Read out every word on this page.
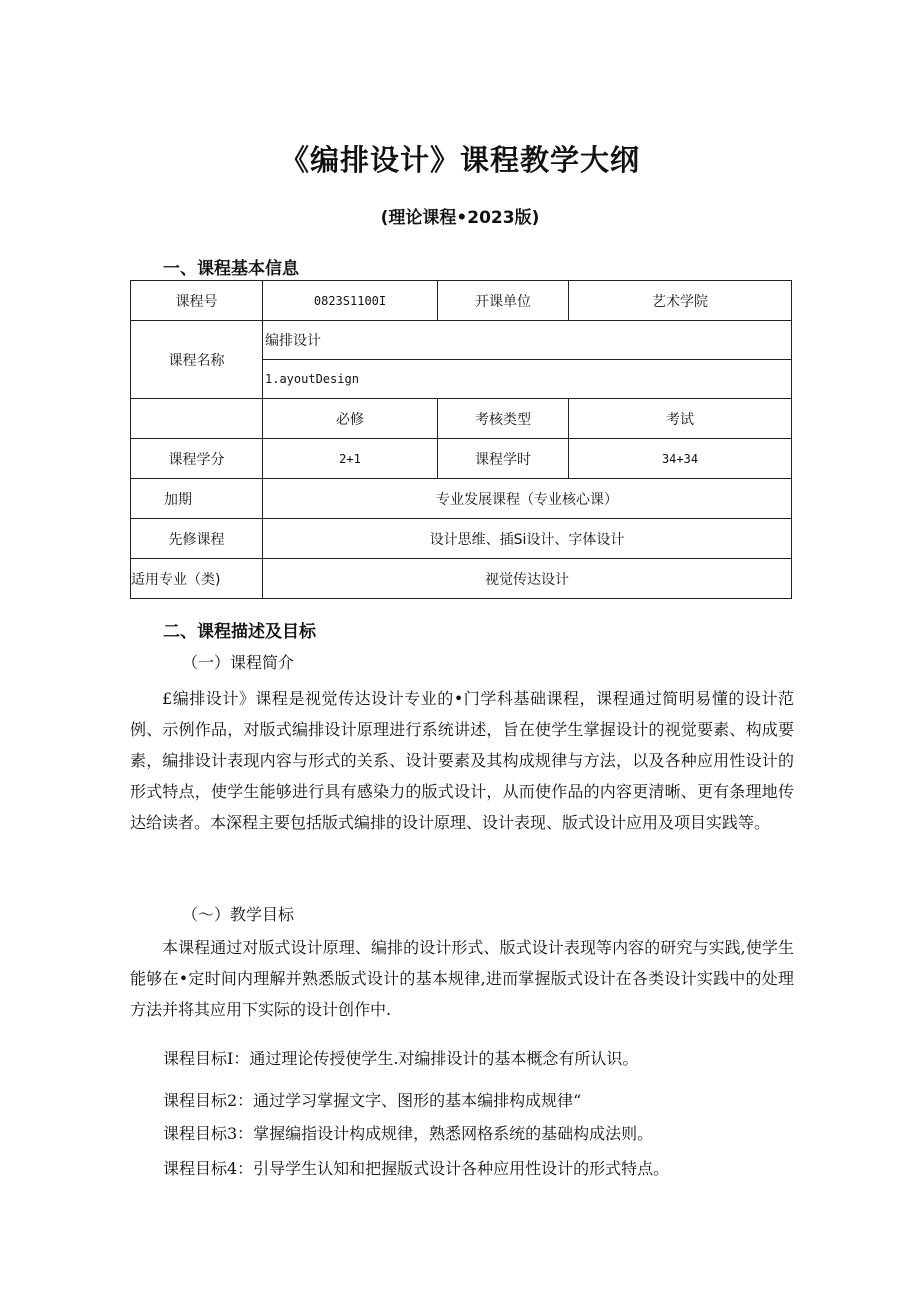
《编排设计》课程教学大纲
(理论课程•2023版)
一、课程基本信息
课程号	0823S1100I	开课单位	艺术学院
课程名称	编排设计		
	1.ayoutDesign		
	必修	考核类型	考试
课程学分	2+1	课程学时	34+34
加期	专业发展课程（专业核心课）		
先修课程	设计思维、插Si设计、字体设计		
适用专业（类)	视觉传达设计		
二、课程描述及目标
（一）课程简介
£编排设计》课程是视觉传达设计专业的•门学科基础课程，课程通过简明易懂的设计范例、示例作品，对版式编排设计原理进行系统讲述，旨在使学生掌握设计的视觉要素、构成要素，编排设计表现内容与形式的关系、设计要素及其构成规律与方法，以及各种应用性设计的形式特点，使学生能够进行具有感染力的版式设计，从而使作品的内容更清晰、更有条理地传达给读者。本深程主要包括版式编排的设计原理、设计表现、版式设计应用及项目实践等。
（〜）教学目标
本课程通过对版式设计原理、编排的设计形式、版式设计表现等内容的研究与实践,使学生能够在•定时间内理解并熟悉版式设计的基本规律,进而掌握版式设计在各类设计实践中的处理方法并将其应用下实际的设计创作中.
课程目标I：通过理论传授使学生.对编排设计的基本概念有所认识。
课程目标2：通过学习掌握文字、图形的基本编排构成规律“
课程目标3：掌握编指设计构成规律，熟悉网格系统的基础构成法则。
课程目标4：引导学生认知和把握版式设计各种应用性设计的形式特点。
